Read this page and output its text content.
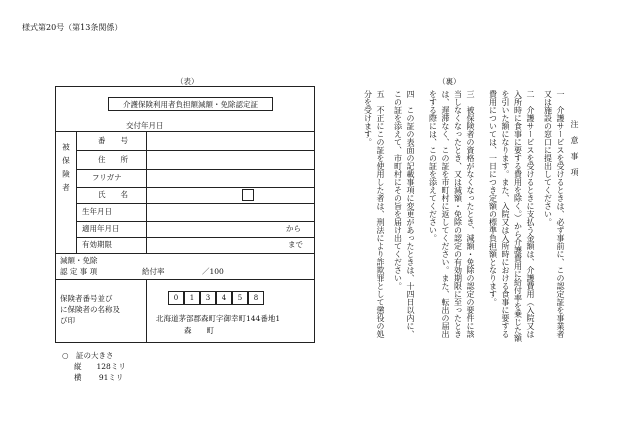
様式第20号（第13条関係）
（表）	（裏）
介護保険利用者負担額減額・免除認定証
交付年月日
被保険者
番　　号
住　　所
フリガナ
氏　　名
生年月日
適用年月日	から
有効期限	まで
減額・免除
認 定 事 項	給付率	／100
保険者番号並び
に保険者の名称及
び印
0	1	3	4	5	8
北海道茅部郡森町字御幸町144番地1
森　　町
○　証の大きさ
縦　　128ミリ
横　　 91ミリ
注　意　事　項
一　介護サービスを受けるときは、必ず事前に、この認定証を事業者又は施設の窓口に提出してください。
二　介護サービスを受けるときに支払う金額は、介護費用（入院又は入所時に食事に要する費用を除く。）から介護費用に給付率を乗じた額を引いた額になります。また、入院又は入所時における食事に要する費用については、一日につき定額の標準負担額となります。
三　被保険者の資格がなくなったとき、減額・免除の認定の要件に該当しなくなったとき、又は減額・免除の認定の有効期限に至ったときは、遅滞なく、この証を市町村に返してください。また、転出の届出をする際には、この証を添えてください。
四　この証の表面の記載事項に変更があったときは、十四日以内に、この証を添えて、市町村にその旨を届け出てください。
五　不正にこの証を使用した者は、刑法により詐欺罪として懲役の処分を受けます。
